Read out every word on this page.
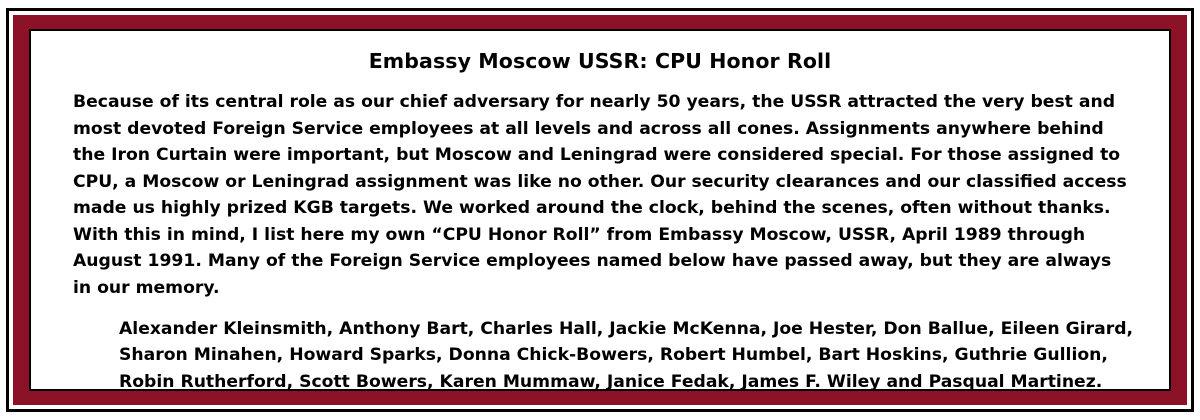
Embassy Moscow USSR: CPU Honor Roll

Because of its central role as our chief adversary for nearly 50 years, the USSR attracted the very best and most devoted Foreign Service employees at all levels and across all cones. Assignments anywhere behind the Iron Curtain were important, but Moscow and Leningrad were considered special. For those assigned to CPU, a Moscow or Leningrad assignment was like no other. Our security clearances and our classified access made us highly prized KGB targets. We worked around the clock, behind the scenes, often without thanks. With this in mind, I list here my own “CPU Honor Roll” from Embassy Moscow, USSR, April 1989 through August 1991. Many of the Foreign Service employees named below have passed away, but they are always in our memory.

Alexander Kleinsmith, Anthony Bart, Charles Hall, Jackie McKenna, Joe Hester, Don Ballue, Eileen Girard,
Sharon Minahen, Howard Sparks, Donna Chick-Bowers, Robert Humbel, Bart Hoskins, Guthrie Gullion,
Robin Rutherford, Scott Bowers, Karen Mummaw, Janice Fedak, James F. Wiley and Pasqual Martinez.
